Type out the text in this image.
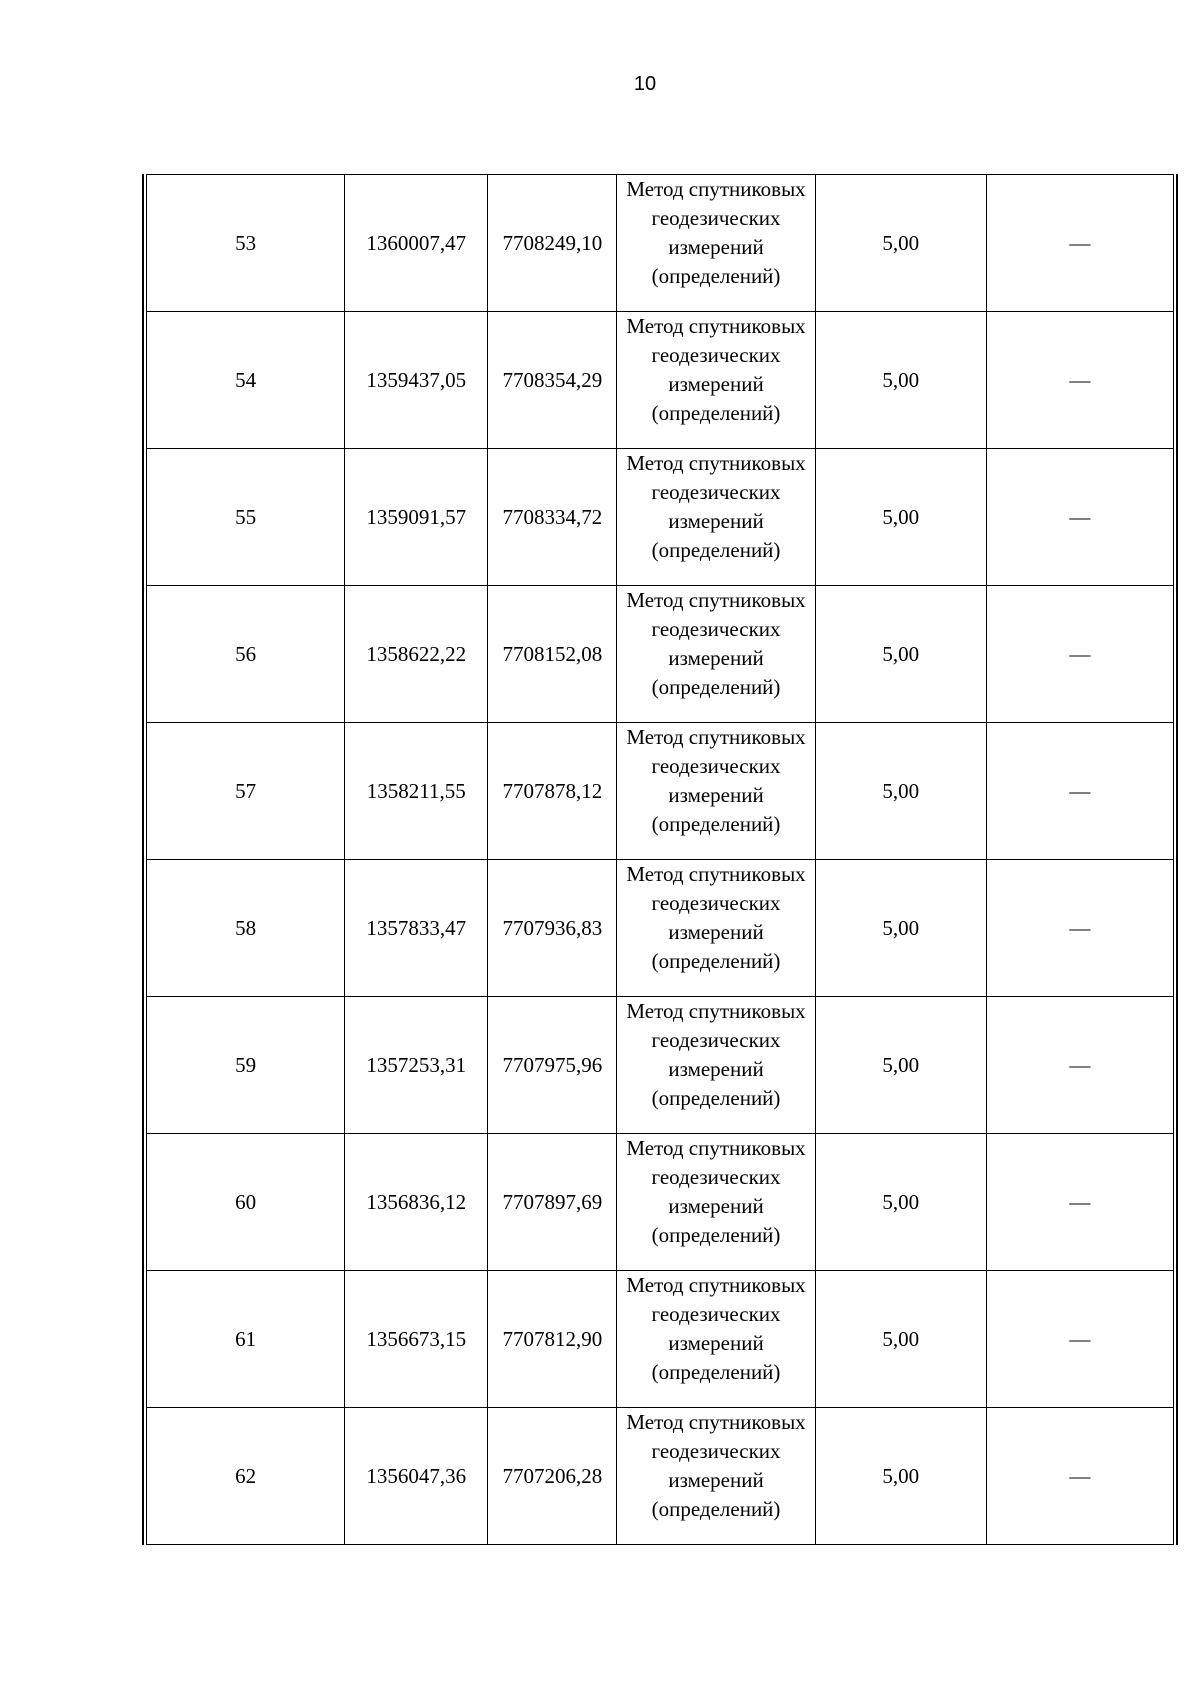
10
53	1360007,47	7708249,10	Метод спутниковых
геодезических
измерений
(определений)	5,00	—
54	1359437,05	7708354,29	Метод спутниковых
геодезических
измерений
(определений)	5,00	—
55	1359091,57	7708334,72	Метод спутниковых
геодезических
измерений
(определений)	5,00	—
56	1358622,22	7708152,08	Метод спутниковых
геодезических
измерений
(определений)	5,00	—
57	1358211,55	7707878,12	Метод спутниковых
геодезических
измерений
(определений)	5,00	—
58	1357833,47	7707936,83	Метод спутниковых
геодезических
измерений
(определений)	5,00	—
59	1357253,31	7707975,96	Метод спутниковых
геодезических
измерений
(определений)	5,00	—
60	1356836,12	7707897,69	Метод спутниковых
геодезических
измерений
(определений)	5,00	—
61	1356673,15	7707812,90	Метод спутниковых
геодезических
измерений
(определений)	5,00	—
62	1356047,36	7707206,28	Метод спутниковых
геодезических
измерений
(определений)	5,00	—
